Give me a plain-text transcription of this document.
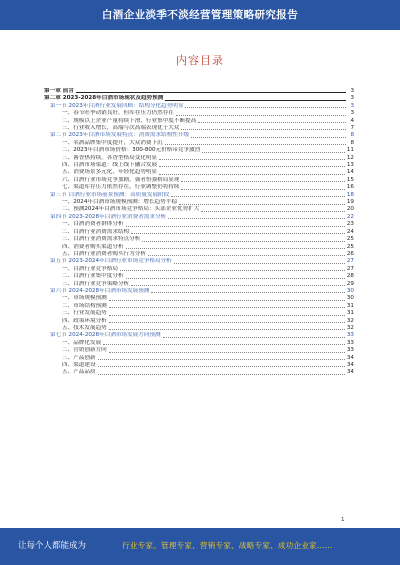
白酒企业淡季不淡经营管理策略研究报告
内容目录
第一章 前言	3
第二章 2023-2028年白酒市场现状及趋势预测	3
第一节 2023年白酒行业发展回顾：结构分化趋势明显	3
一、春节旺季动销良好，但库存压力仍然存在	3
二、规模以上企业产量持续下滑，行业集中度不断提高	4
三、行业收入增长，高端与次高端表现优于大众	7
第二节 2023年白酒市场发展特点：消费需求结构性升级	8
一、名酒品牌集中度提升，大众消费下沉	8
二、2023年白酒市场价格：300-800元价格带竞争激烈	11
三、酱香热持续，各香型格局变化明显	12
四、白酒市场渠道：线上线下融合发展	13
五、消费场景多元化，年轻化趋势明显	14
六、白酒行业市场竞争加剧，强者恒强格局显现	15
七、渠道库存压力依然存在，行业调整仍将持续	16
第三节 白酒行业市场前景预测：高质量发展阶段	18
一、2024年白酒市场规模预测：增长趋势平稳	19
二、预测2024年白酒市场竞争格局：头部企业优势扩大	20
第四节 2023-2028年白酒行业消费者需求分析	22
一、白酒消费者群体分析	23
二、白酒行业消费需求结构	24
三、白酒行业消费需求特点分析	25
四、消费者购买渠道分析	25
五、白酒行业消费者购买行为分析	26
第五节 2023-2024年白酒行业市场竞争格局分析	27
一、白酒行业竞争格局	27
二、白酒行业集中度分析	28
三、白酒行业竞争策略分析	29
第六节 2024-2028年白酒市场发展预测	30
一、市场规模预测	30
二、市场结构预测	31
三、行业发展趋势	31
四、政策环境分析	32
五、技术发展趋势	32
第七节 2024-2028年白酒市场发展方向预测	33
一、品牌化发展	33
二、营销创新方向	33
三、产品创新	34
四、渠道建设	34
五、产品品质	34
1
让每个人都能成为	行业专家、管理专家、营销专家、战略专家、成功企业家……
